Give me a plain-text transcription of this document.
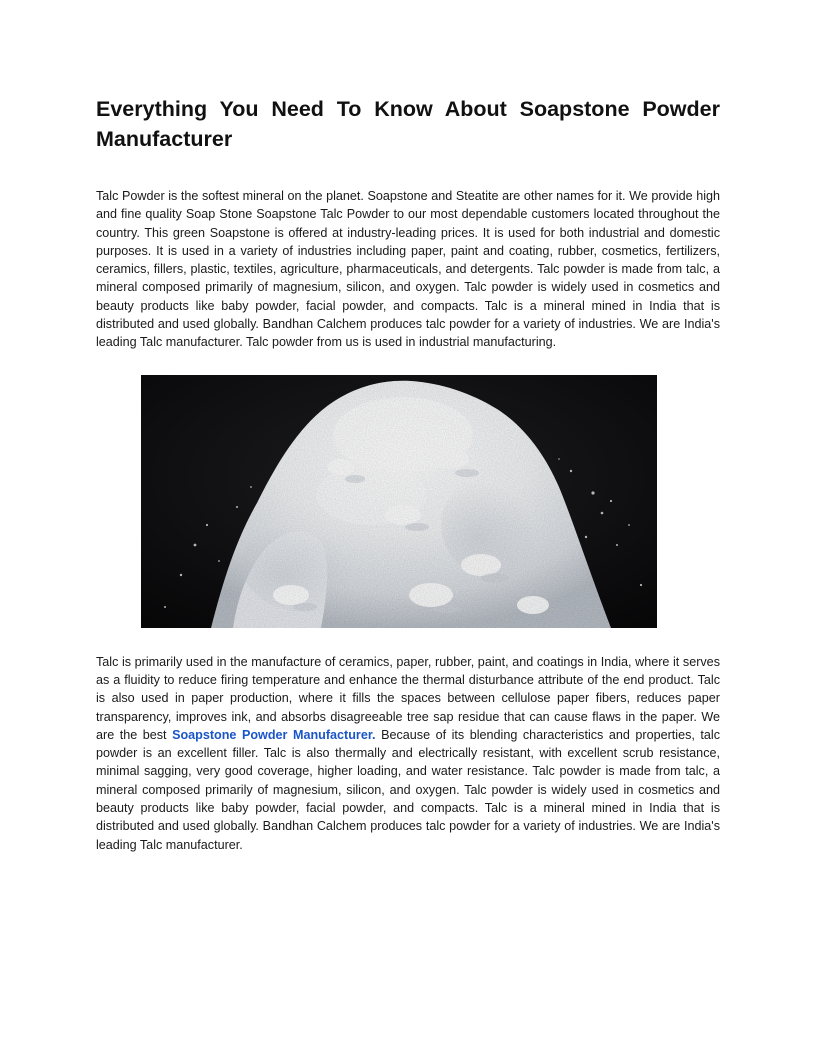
Everything You Need To Know About Soapstone Powder Manufacturer

Talc Powder is the softest mineral on the planet. Soapstone and Steatite are other names for it. We provide high and fine quality Soap Stone Soapstone Talc Powder to our most dependable customers located throughout the country. This green Soapstone is offered at industry-leading prices. It is used for both industrial and domestic purposes. It is used in a variety of industries including paper, paint and coating, rubber, cosmetics, fertilizers, ceramics, fillers, plastic, textiles, agriculture, pharmaceuticals, and detergents. Talc powder is made from talc, a mineral composed primarily of magnesium, silicon, and oxygen. Talc powder is widely used in cosmetics and beauty products like baby powder, facial powder, and compacts. Talc is a mineral mined in India that is distributed and used globally. Bandhan Calchem produces talc powder for a variety of industries. We are India's leading Talc manufacturer. Talc powder from us is used in industrial manufacturing.

Talc is primarily used in the manufacture of ceramics, paper, rubber, paint, and coatings in India, where it serves as a fluidity to reduce firing temperature and enhance the thermal disturbance attribute of the end product. Talc is also used in paper production, where it fills the spaces between cellulose paper fibers, reduces paper transparency, improves ink, and absorbs disagreeable tree sap residue that can cause flaws in the paper. We are the best Soapstone Powder Manufacturer. Because of its blending characteristics and properties, talc powder is an excellent filler. Talc is also thermally and electrically resistant, with excellent scrub resistance, minimal sagging, very good coverage, higher loading, and water resistance. Talc powder is made from talc, a mineral composed primarily of magnesium, silicon, and oxygen. Talc powder is widely used in cosmetics and beauty products like baby powder, facial powder, and compacts. Talc is a mineral mined in India that is distributed and used globally. Bandhan Calchem produces talc powder for a variety of industries. We are India's leading Talc manufacturer.
